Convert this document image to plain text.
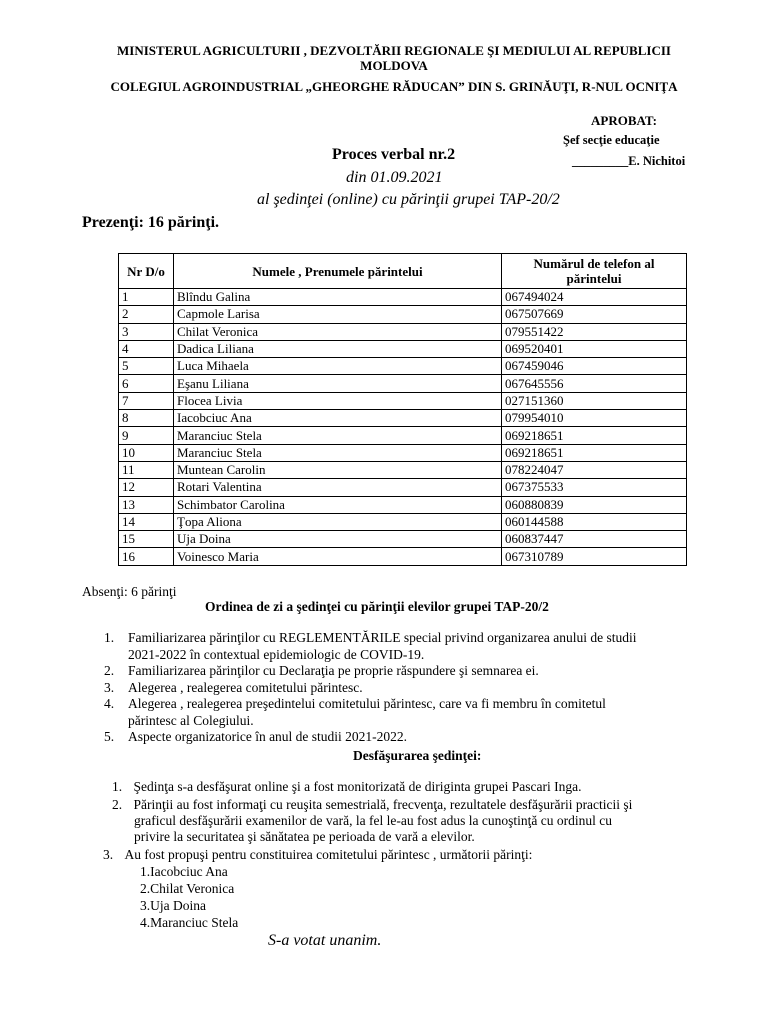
MINISTERUL AGRICULTURII , DEZVOLTĂRII REGIONALE ŞI MEDIULUI AL REPUBLICII
MOLDOVA
COLEGIUL AGROINDUSTRIAL „GHEORGHE RĂDUCAN” DIN S. GRINĂUŢI, R-NUL OCNIŢA
APROBAT:
Şef secţie educaţie
_________E. Nichitoi
Proces verbal nr.2
din 01.09.2021
al şedinţei (online) cu părinţii grupei TAP-20/2
Prezenţi: 16 părinţi.
Nr D/o	Numele , Prenumele părintelui	Numărul de telefon al părintelui
1	Blîndu Galina	067494024
2	Capmole Larisa	067507669
3	Chilat Veronica	079551422
4	Dadica Liliana	069520401
5	Luca Mihaela	067459046
6	Eşanu Liliana	067645556
7	Flocea Livia	027151360
8	Iacobciuc Ana	079954010
9	Maranciuc Stela	069218651
10	Maranciuc Stela	069218651
11	Muntean Carolin	078224047
12	Rotari Valentina	067375533
13	Schimbator Carolina	060880839
14	Ţopa Aliona	060144588
15	Uja Doina	060837447
16	Voinesco Maria	067310789
Absenţi: 6 părinţi
Ordinea de zi a şedinţei cu părinţii elevilor grupei TAP-20/2
1. Familiarizarea părinţilor cu REGLEMENTĂRILE special privind organizarea anului de studii
2021-2022 în contextual epidemiologic de COVID-19.
2. Familiarizarea părinţilor cu Declaraţia pe proprie răspundere şi semnarea ei.
3. Alegerea , realegerea comitetului părintesc.
4. Alegerea , realegerea preşedintelui comitetului părintesc, care va fi membru în comitetul
părintesc al Colegiului.
5. Aspecte organizatorice în anul de studii 2021-2022.
Desfăşurarea şedinţei:
1. Şedinţa s-a desfăşurat online şi a fost monitorizată de diriginta grupei Pascari Inga.
2. Părinţii au fost informaţi cu reuşita semestrială, frecvenţa, rezultatele desfăşurării practicii şi
graficul desfăşurării examenilor de vară, la fel le-au fost adus la cunoştinţă cu ordinul cu
privire la securitatea şi sănătatea pe perioada de vară a elevilor.
3. Au fost propuşi pentru constituirea comitetului părintesc , următorii părinţi:
1.Iacobciuc Ana
2.Chilat Veronica
3.Uja Doina
4.Maranciuc Stela
S-a votat unanim.
